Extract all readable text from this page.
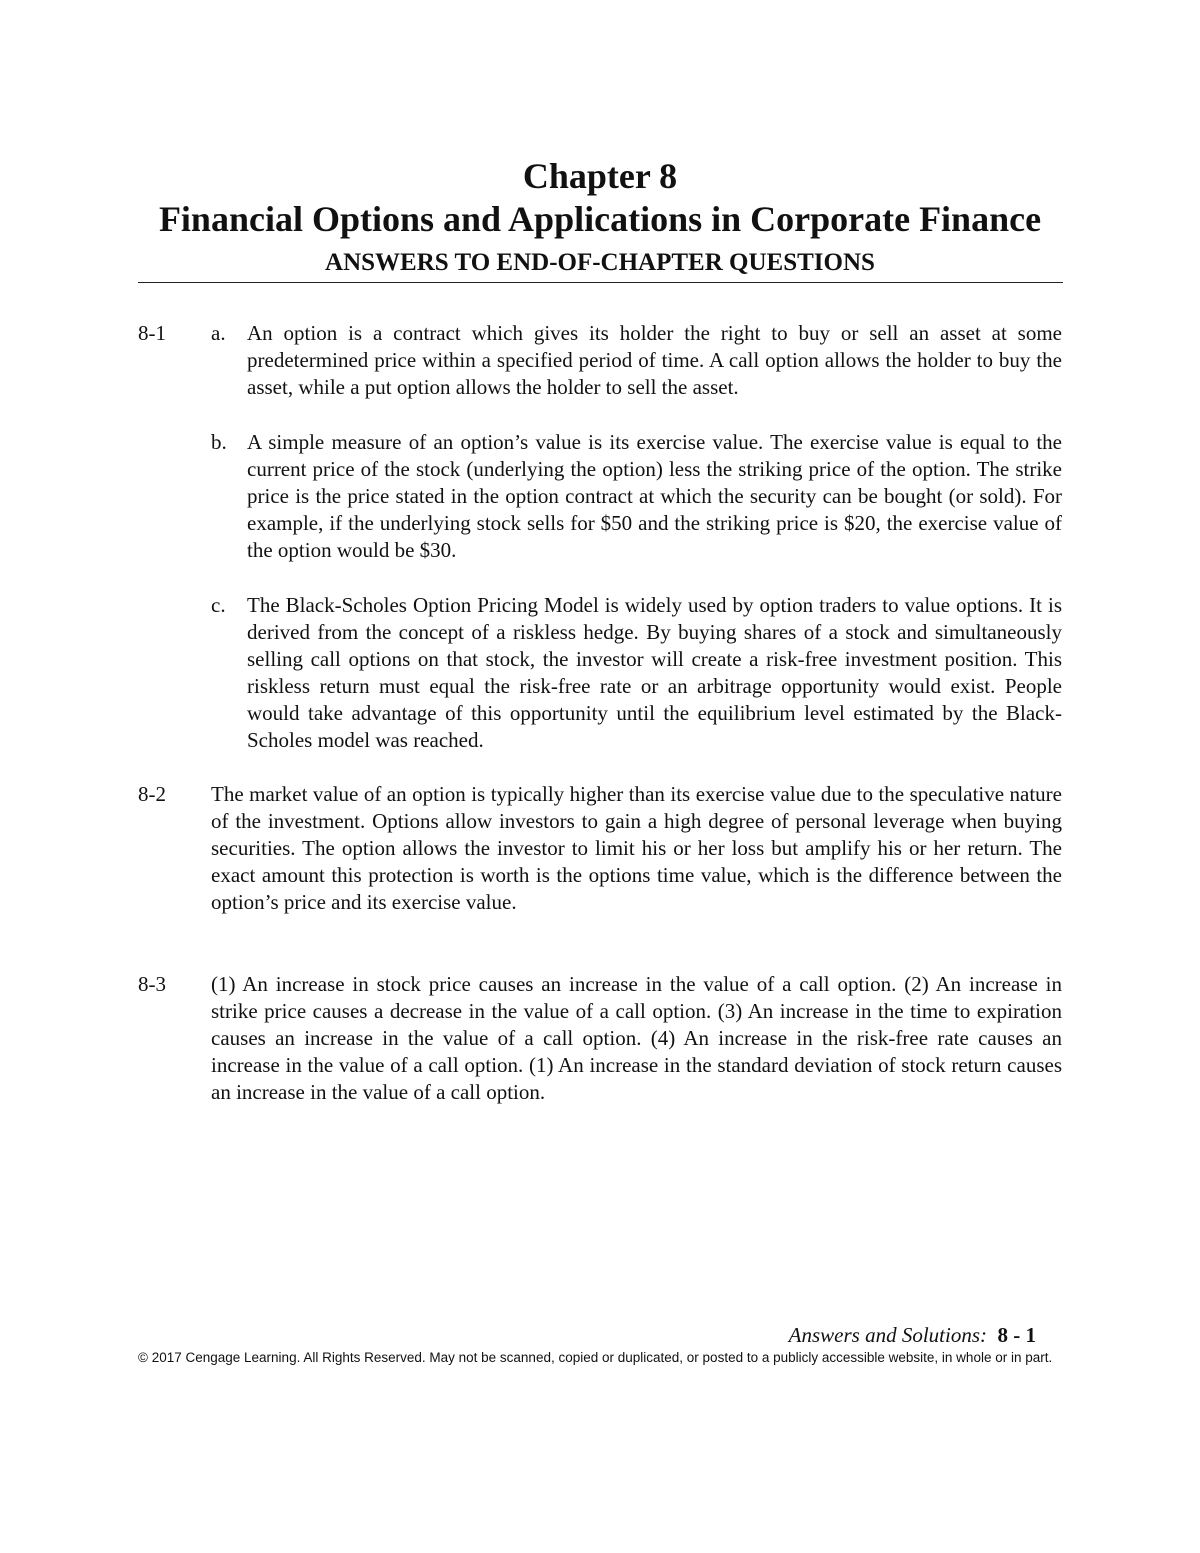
Chapter 8
Financial Options and Applications in Corporate Finance
ANSWERS TO END-OF-CHAPTER QUESTIONS
8-1 a. An option is a contract which gives its holder the right to buy or sell an asset at some predetermined price within a specified period of time. A call option allows the holder to buy the asset, while a put option allows the holder to sell the asset.

b. A simple measure of an option’s value is its exercise value. The exercise value is equal to the current price of the stock (underlying the option) less the striking price of the option. The strike price is the price stated in the option contract at which the security can be bought (or sold). For example, if the underlying stock sells for $50 and the striking price is $20, the exercise value of the option would be $30.

c. The Black-Scholes Option Pricing Model is widely used by option traders to value options. It is derived from the concept of a riskless hedge. By buying shares of a stock and simultaneously selling call options on that stock, the investor will create a risk-free investment position. This riskless return must equal the risk-free rate or an arbitrage opportunity would exist. People would take advantage of this opportunity until the equilibrium level estimated by the Black-Scholes model was reached.

8-2 The market value of an option is typically higher than its exercise value due to the speculative nature of the investment. Options allow investors to gain a high degree of personal leverage when buying securities. The option allows the investor to limit his or her loss but amplify his or her return. The exact amount this protection is worth is the options time value, which is the difference between the option’s price and its exercise value.

8-3 (1) An increase in stock price causes an increase in the value of a call option. (2) An increase in strike price causes a decrease in the value of a call option. (3) An increase in the time to expiration causes an increase in the value of a call option. (4) An increase in the risk-free rate causes an increase in the value of a call option. (1) An increase in the standard deviation of stock return causes an increase in the value of a call option.

Answers and Solutions: 8 - 1
© 2017 Cengage Learning. All Rights Reserved. May not be scanned, copied or duplicated, or posted to a publicly accessible website, in whole or in part.
